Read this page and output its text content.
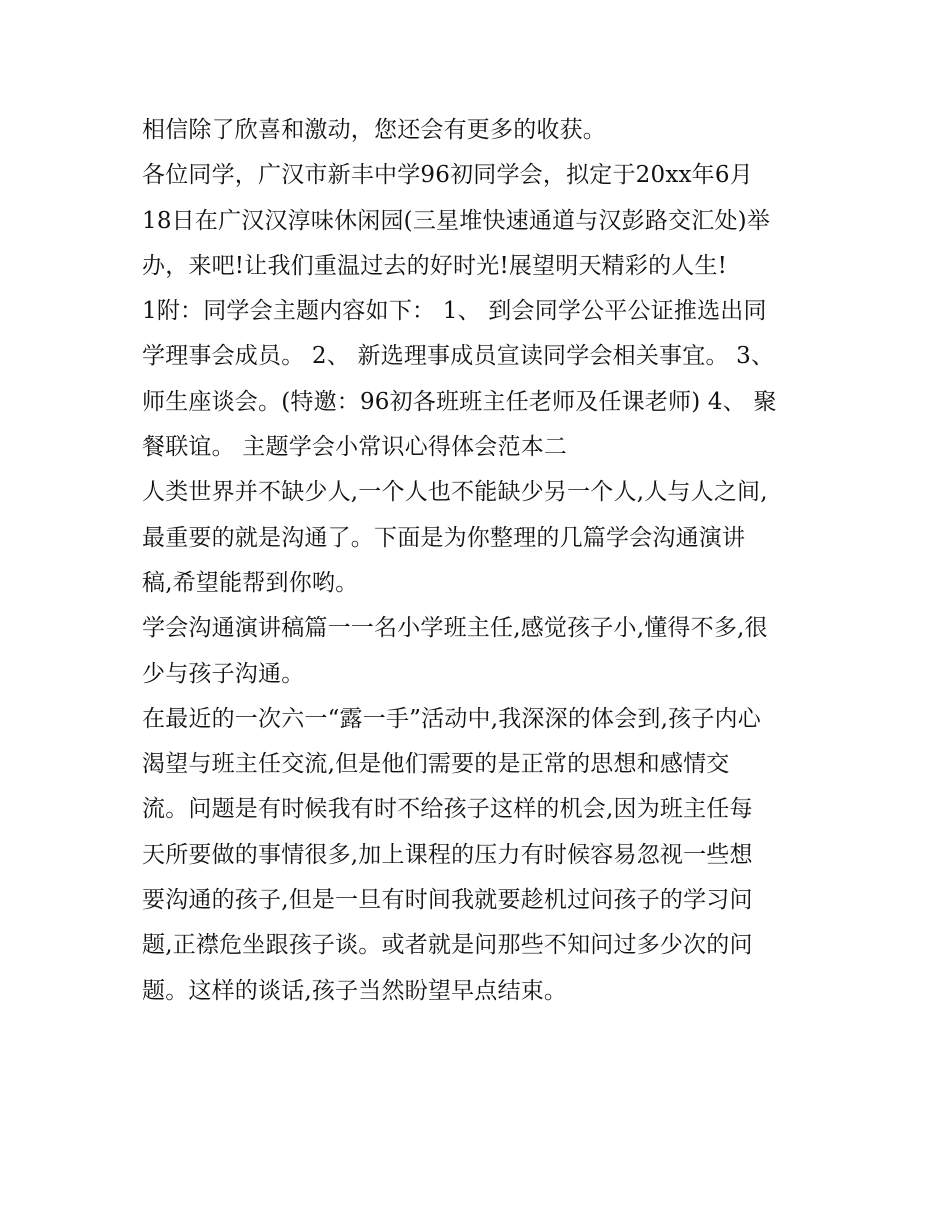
相信除了欣喜和激动，您还会有更多的收获。
各位同学，广汉市新丰中学96初同学会，拟定于20xx年6月
18日在广汉汉淳味休闲园(三星堆快速通道与汉彭路交汇处)举
办，来吧!让我们重温过去的好时光!展望明天精彩的人生!
1附：同学会主题内容如下： 1、 到会同学公平公证推选出同
学理事会成员。 2、 新选理事成员宣读同学会相关事宜。 3、
师生座谈会。(特邀：96初各班班主任老师及任课老师) 4、 聚
餐联谊。 主题学会小常识心得体会范本二
人类世界并不缺少人,一个人也不能缺少另一个人,人与人之间,
最重要的就是沟通了。下面是为你整理的几篇学会沟通演讲
稿,希望能帮到你哟。
学会沟通演讲稿篇一一名小学班主任,感觉孩子小,懂得不多,很
少与孩子沟通。
在最近的一次六一“露一手”活动中,我深深的体会到,孩子内心
渴望与班主任交流,但是他们需要的是正常的思想和感情交
流。问题是有时候我有时不给孩子这样的机会,因为班主任每
天所要做的事情很多,加上课程的压力有时候容易忽视一些想
要沟通的孩子,但是一旦有时间我就要趁机过问孩子的学习问
题,正襟危坐跟孩子谈。或者就是问那些不知问过多少次的问
题。这样的谈话,孩子当然盼望早点结束。
